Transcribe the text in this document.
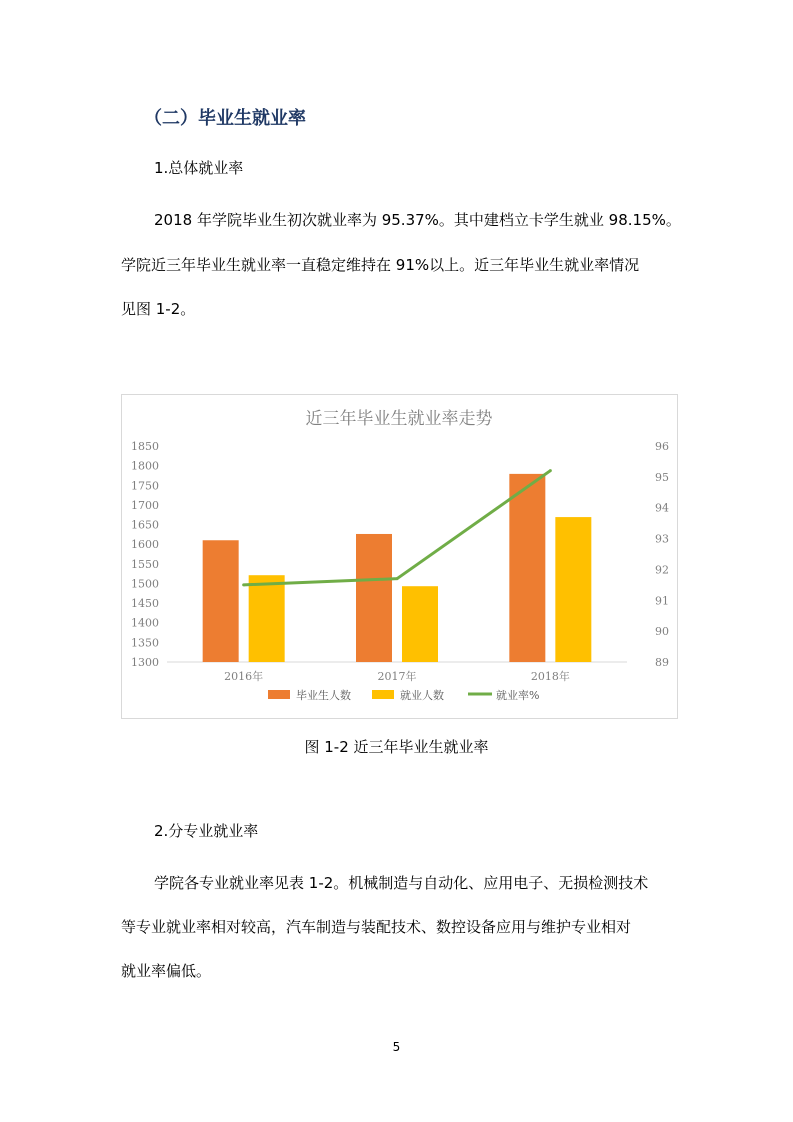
（二）毕业生就业率
1.总体就业率
2018 年学院毕业生初次就业率为 95.37%。其中建档立卡学生就业 98.15%。
学院近三年毕业生就业率一直稳定维持在 91%以上。近三年毕业生就业率情况
见图 1-2。
近三年毕业生就业率走势
1300
1350
1400
1450
1500
1550
1600
1650
1700
1750
1800
1850
89
90
91
92
93
94
95
96
2016年	2017年	2018年
毕业生人数	就业人数	就业率%
图 1-2 近三年毕业生就业率
2.分专业就业率
学院各专业就业率见表 1-2。机械制造与自动化、应用电子、无损检测技术
等专业就业率相对较高，汽车制造与装配技术、数控设备应用与维护专业相对
就业率偏低。
5
